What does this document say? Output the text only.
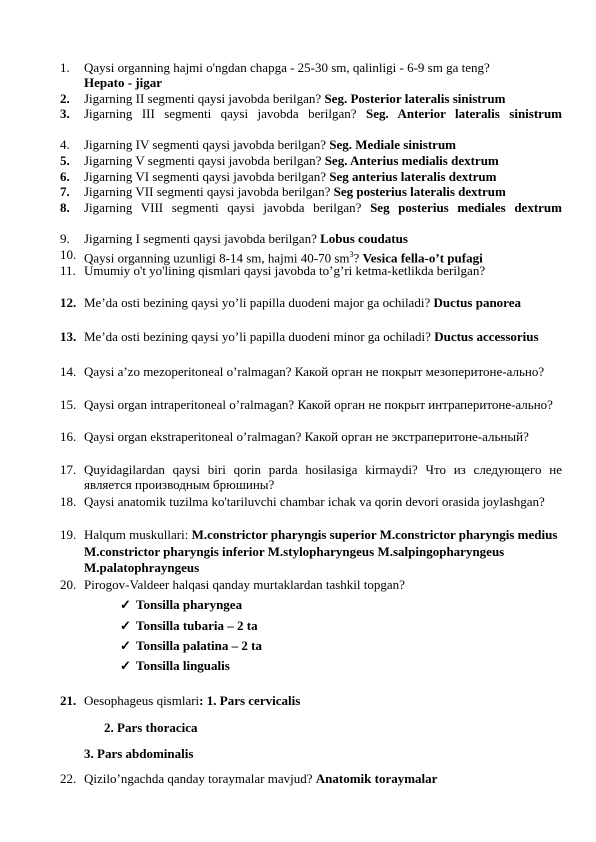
1.	Qaysi organning hajmi o'ngdan chapga - 25-30 sm, qalinligi - 6-9 sm ga teng?
Hepato - jigar
2.	Jigarning II segmenti qaysi javobda berilgan? Seg. Posterior lateralis sinistrum
3.	Jigarning III segmenti qaysi javobda berilgan? Seg. Anterior lateralis sinistrum
4.	Jigarning IV segmenti qaysi javobda berilgan? Seg. Mediale sinistrum
5.	Jigarning V segmenti qaysi javobda berilgan? Seg. Anterius medialis dextrum
6.	Jigarning VI segmenti qaysi javobda berilgan? Seg anterius lateralis dextrum
7.	Jigarning VII segmenti qaysi javobda berilgan? Seg posterius lateralis dextrum
8.	Jigarning VIII segmenti qaysi javobda berilgan? Seg posterius mediales dextrum
9.	Jigarning I segmenti qaysi javobda berilgan? Lobus coudatus
10. Qaysi organning uzunligi 8-14 sm, hajmi 40-70 $sm^3$? Vesica fella-o’t pufagi
11. Umumiy o't yo'lining qismlari qaysi javobda to’g’ri ketma-ketlikda berilgan?
12. Me’da osti bezining qaysi yo’li papilla duodeni major ga ochiladi? Ductus panorea
13. Me’da osti bezining qaysi yo’li papilla duodeni minor ga ochiladi? Ductus accessorius
14. Qaysi a’zo mezoperitoneal o’ralmagan? Какой орган не покрыт мезоперитоне-ально?
15. Qaysi organ intraperitoneal o’ralmagan? Какой орган не покрыт интраперитоне-ально?
16. Qaysi organ ekstraperitoneal o’ralmagan? Какой орган не экстраперитоне-альный?
17. Quyidagilardan qaysi biri qorin parda hosilasiga kirmaydi? Что из следующего не является производным брюшины?
18. Qaysi anatomik tuzilma ko'tariluvchi chambar ichak va qorin devori orasida joylashgan?
19. Halqum muskullari: M.constrictor pharyngis superior M.constrictor pharyngis medius M.constrictor pharyngis inferior M.stylopharyngeus M.salpingopharyngeus M.palatophrayngeus
20. Pirogov-Valdeer halqasi qanday murtaklardan tashkil topgan?
✓ Tonsilla pharyngea
✓ Tonsilla tubaria – 2 ta
✓ Tonsilla palatina – 2 ta
✓ Tonsilla lingualis
21. Oesophageus qismlari: 1. Pars cervicalis
2. Pars thoracica
3. Pars abdominalis
22. Qizilo’ngachda qanday toraymalar mavjud? Anatomik toraymalar
